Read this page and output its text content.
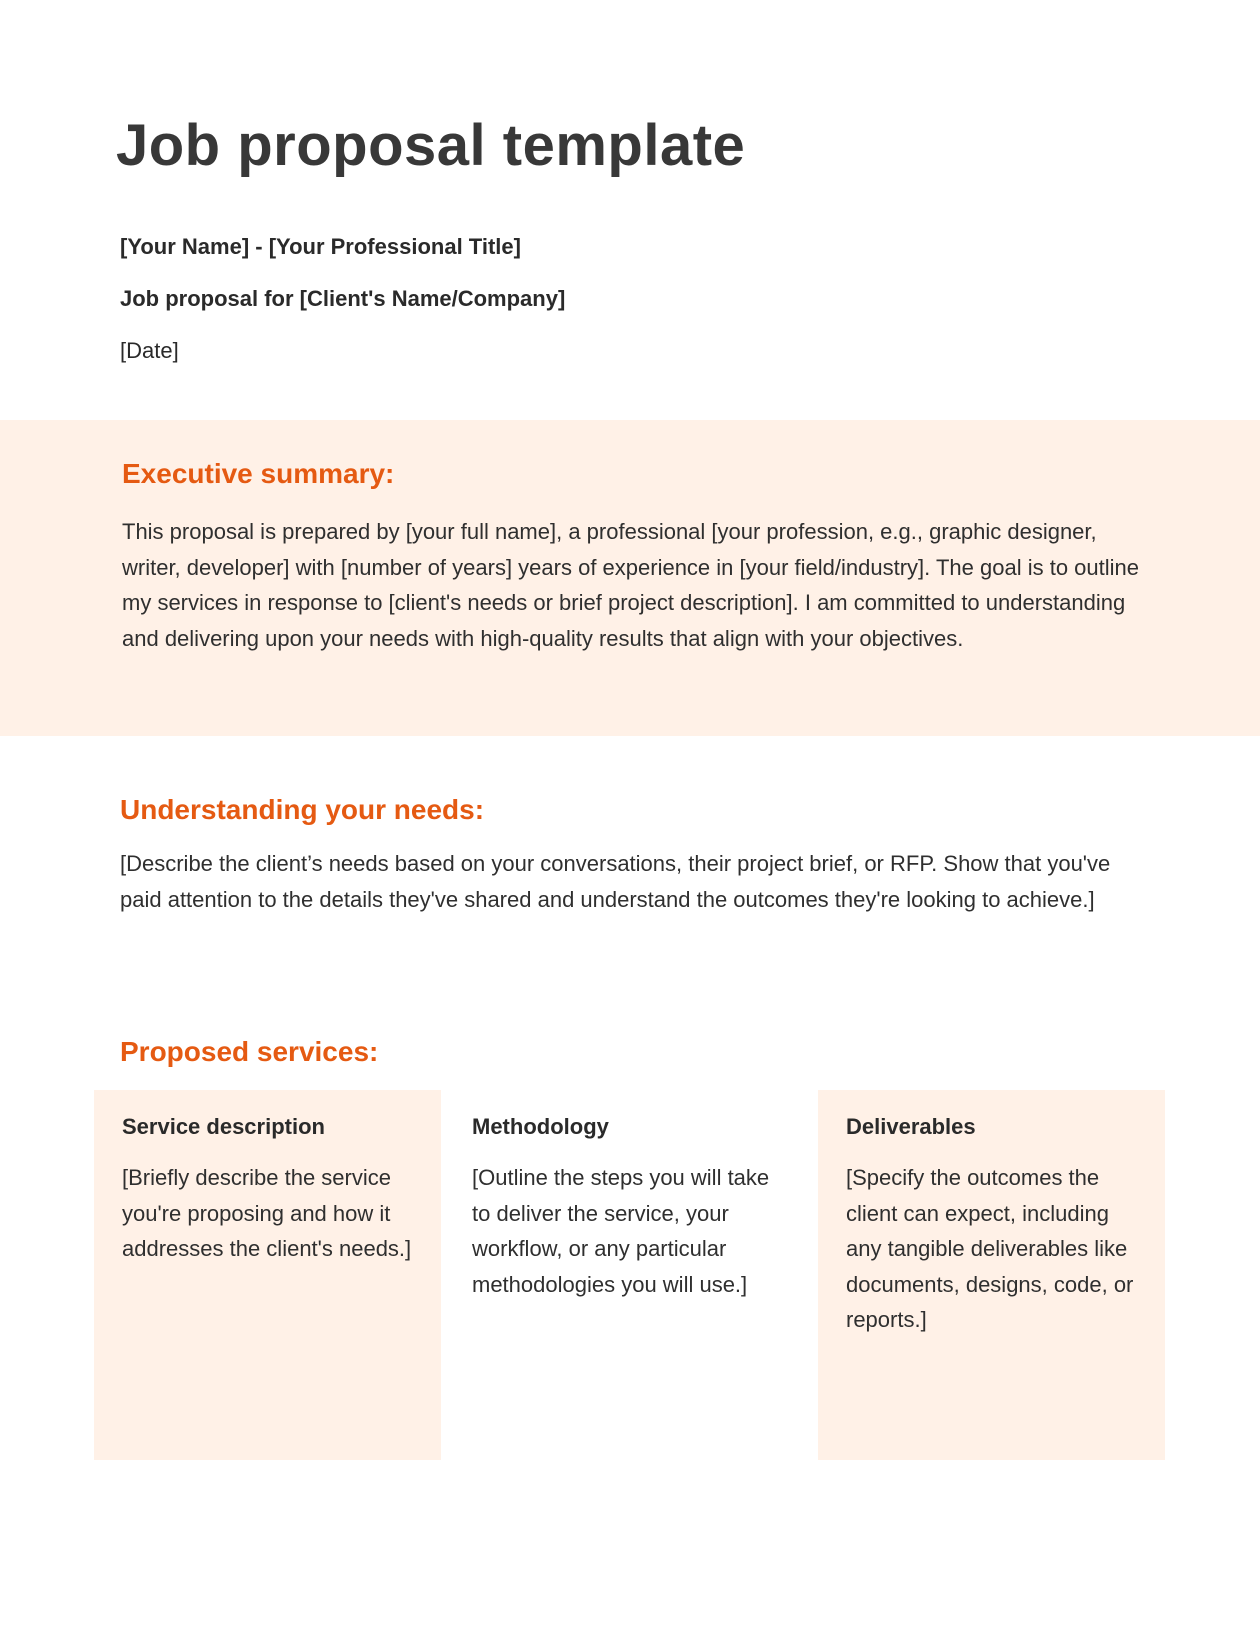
Job proposal template
[Your Name] - [Your Professional Title]
Job proposal for [Client's Name/Company]
[Date]
Executive summary:

This proposal is prepared by [your full name], a professional [your profession, e.g., graphic designer, writer, developer] with [number of years] years of experience in [your field/industry]. The goal is to outline my services in response to [client's needs or brief project description]. I am committed to understanding and delivering upon your needs with high-quality results that align with your objectives.

Understanding your needs:

[Describe the client’s needs based on your conversations, their project brief, or RFP. Show that you've paid attention to the details they've shared and understand the outcomes they're looking to achieve.]

Proposed services:
Service description
[Briefly describe the service you're proposing and how it addresses the client's needs.]
Methodology
[Outline the steps you will take to deliver the service, your workflow, or any particular methodologies you will use.]
Deliverables
[Specify the outcomes the client can expect, including any tangible deliverables like documents, designs, code, or reports.]
